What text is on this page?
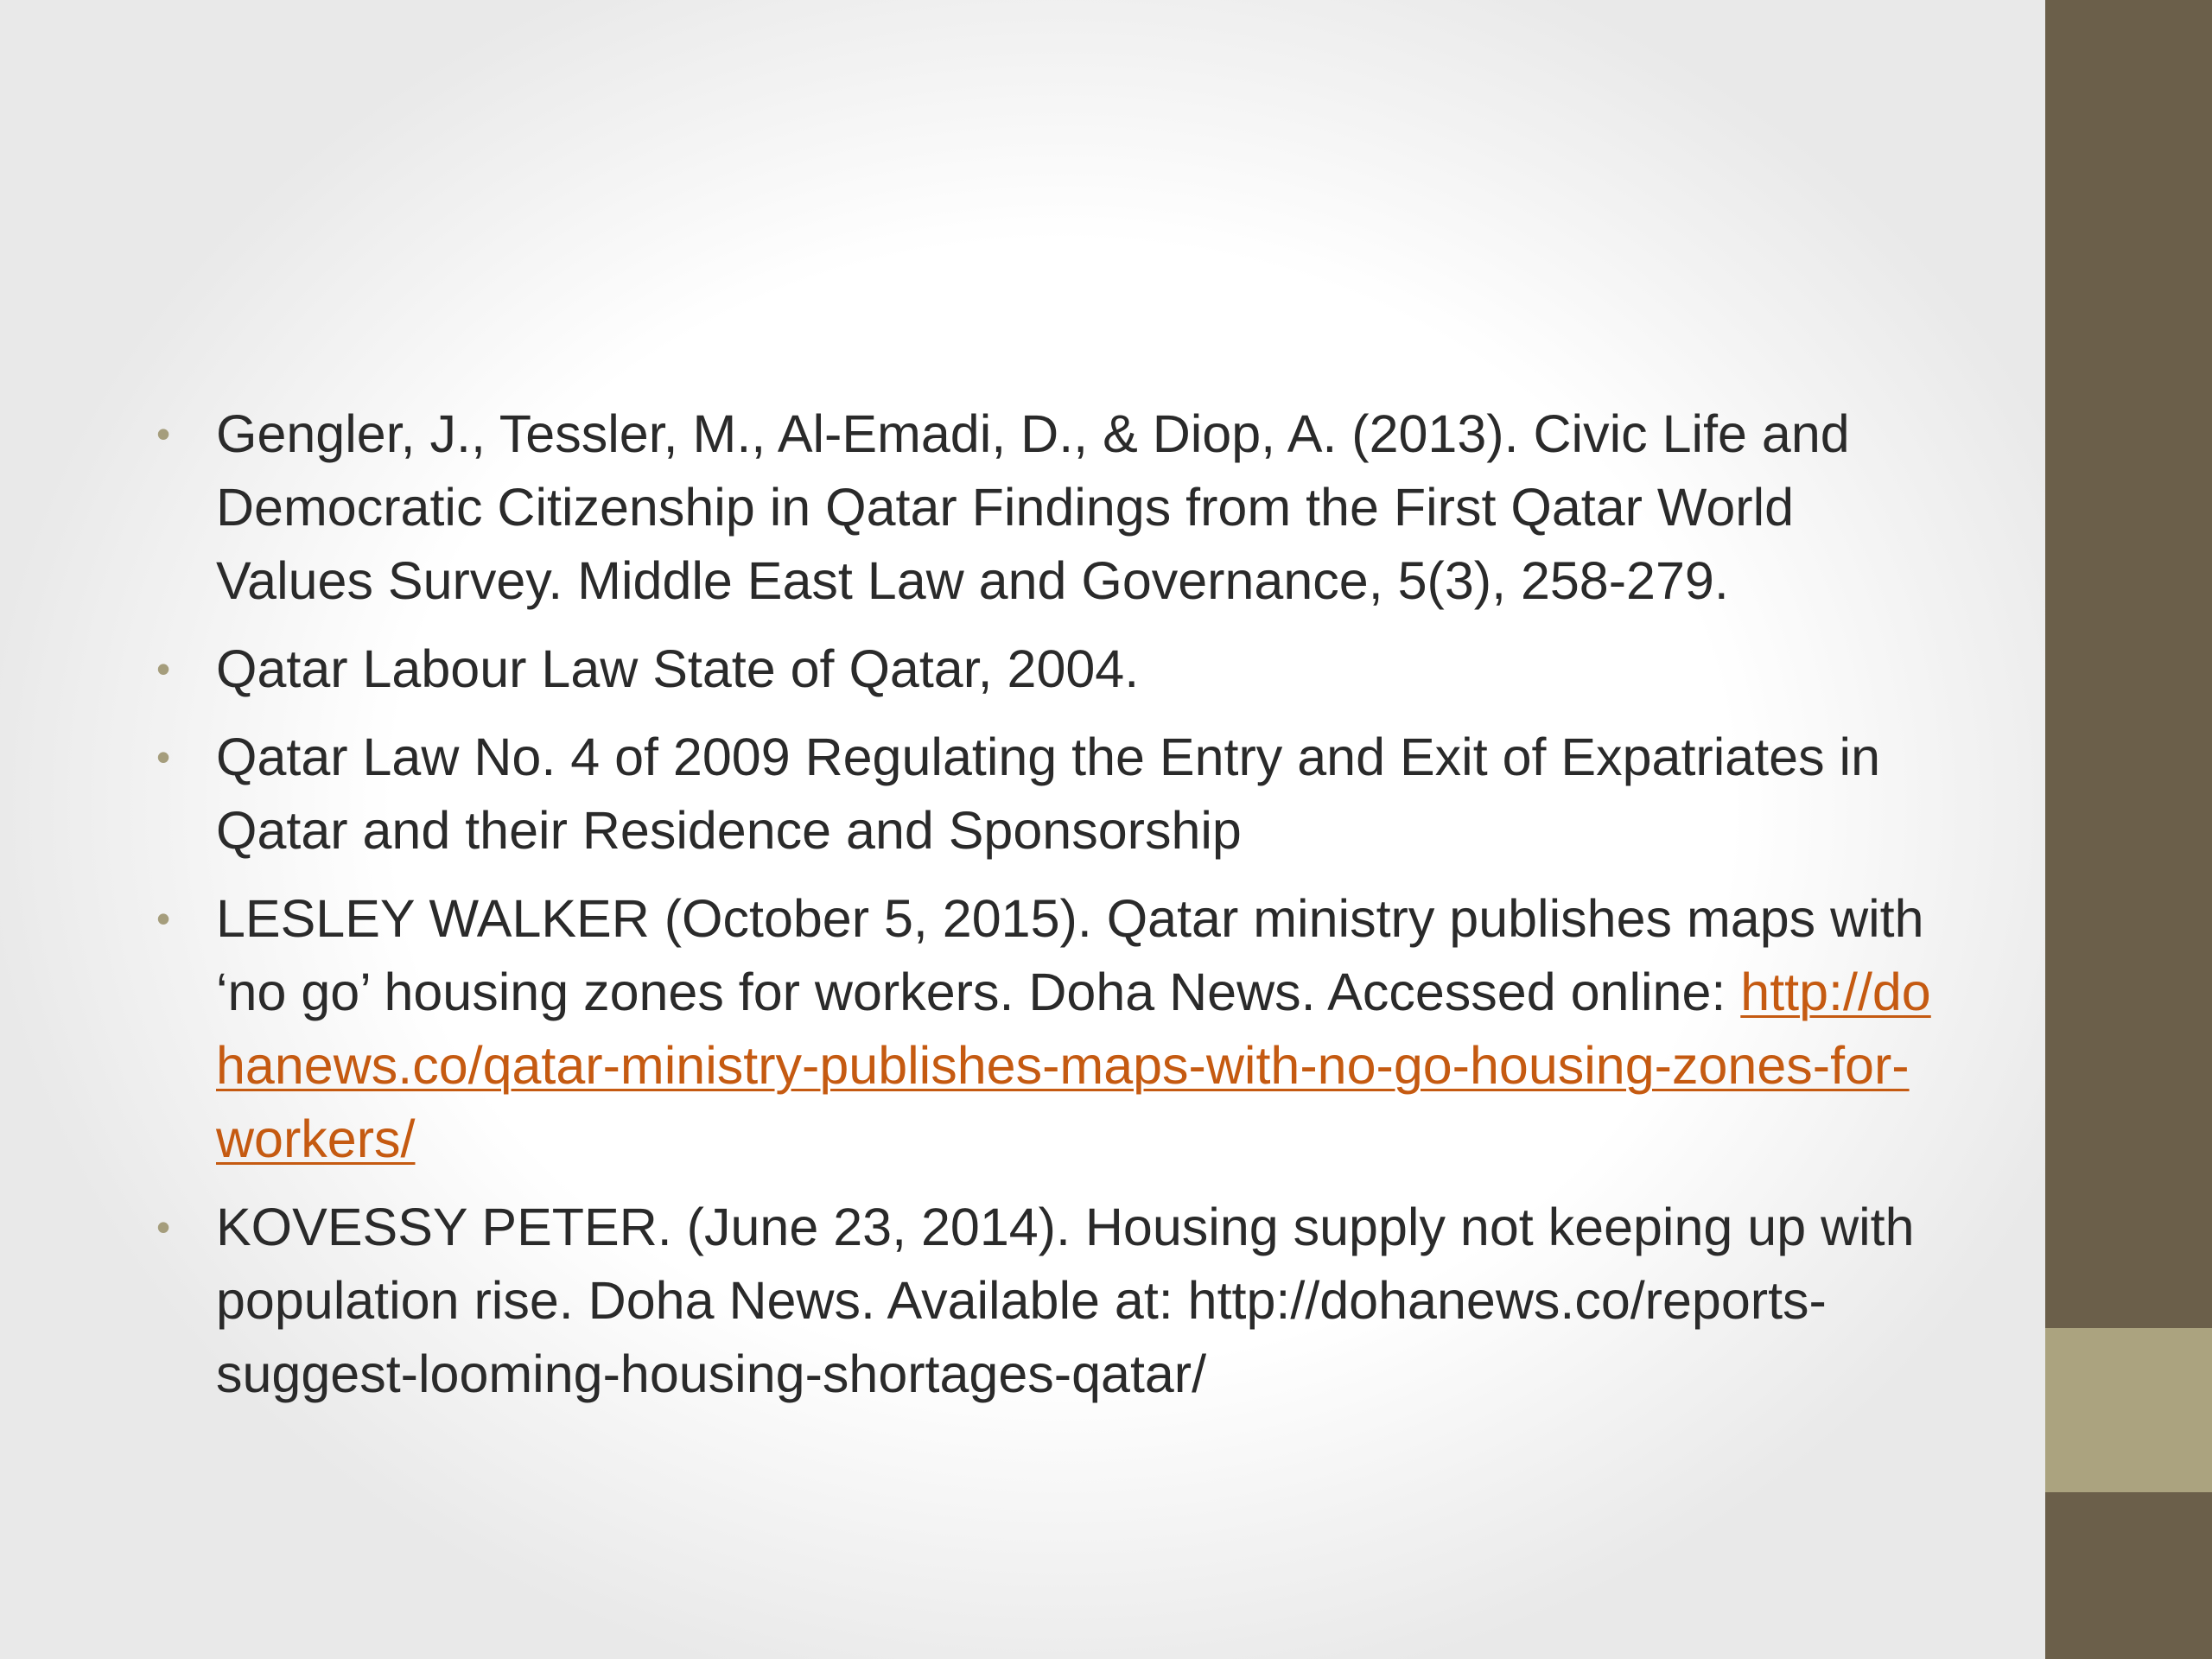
• Gengler, J., Tessler, M., Al-Emadi, D., & Diop, A. (2013). Civic Life and Democratic Citizenship in Qatar Findings from the First Qatar World Values Survey. Middle East Law and Governance, 5(3), 258-279.
• Qatar Labour Law State of Qatar, 2004.
• Qatar Law No. 4 of 2009 Regulating the Entry and Exit of Expatriates in Qatar and their Residence and Sponsorship
• LESLEY WALKER (October 5, 2015). Qatar ministry publishes maps with ‘no go’ housing zones for workers. Doha News. Accessed online: http://dohanews.co/qatar-ministry-publishes-maps-with-no-go-housing-zones-for-workers/
• KOVESSY PETER. (June 23, 2014). Housing supply not keeping up with population rise. Doha News. Available at: http://dohanews.co/reports-suggest-looming-housing-shortages-qatar/
